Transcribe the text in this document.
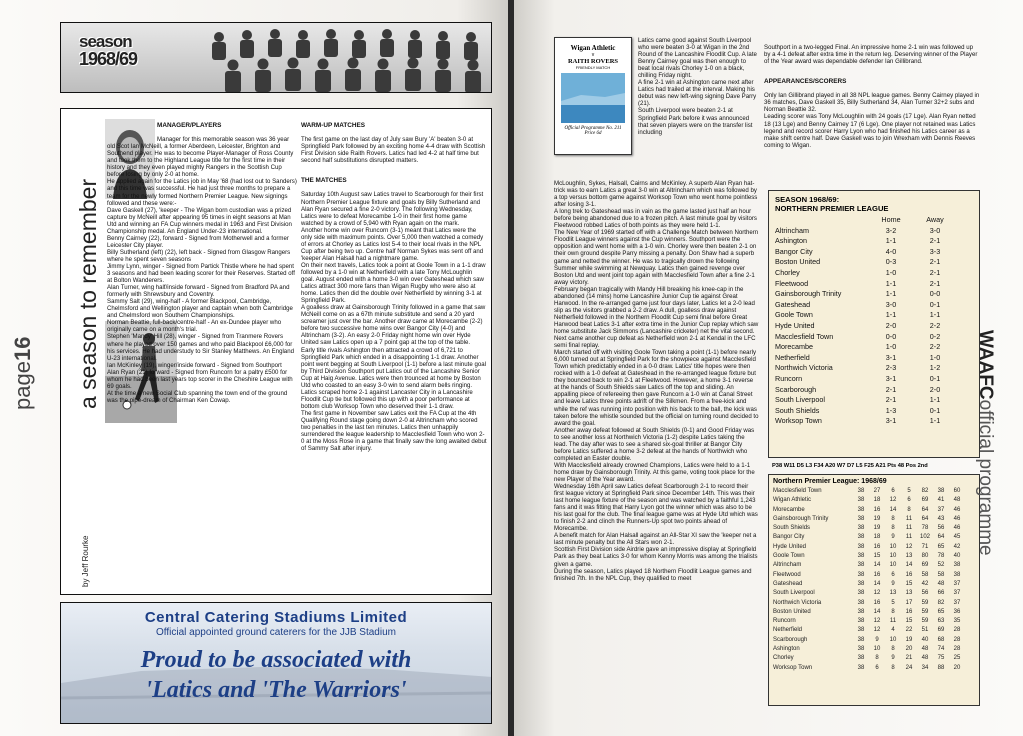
season
1968/69
page16 a season to remember
by Jeff Rourke

MANAGER/PLAYERS

Manager for this memorable season was 36 year old Scot Ian McNeill, a former Aberdeen, Leicester, Brighton and Southend player. He was to become Player-Manager of Ross County and took them to the Highland League title for the first time in their history and they even played mighty Rangers in the Scottish Cup before losing by only 2-0 at home.
He applied again for the Latics job in May '68 (had lost out to Sanders) and this time was successful. He had just three months to prepare a team for the newly formed Northern Premier League. New signings followed and these were:-
Dave Gaskell (27), 'keeper - The Wigan born custodian was a prized capture by McNeill after appearing 95 times in eight seasons at Man Utd and winning an FA Cup winners medal in 1963 and First Division Championship medal. An England Under-23 international.
Benny Cairney (22), forward - Signed from Motherwell and a former Leicester City player.
Billy Sutherland (left) (22), left back - Signed from Glasgow Rangers where he spent seven seasons
Jimmy Lynn, winger - Signed from Partick Thistle where he had spent 3 seasons and had been leading scorer for their Reserves. Started off at Bolton Wanderers.
Alan Turner, wing half/inside forward - Signed from Bradford PA and formerly with Shrewsbury and Coventry.
Sammy Salt (29), wing-half - A former Blackpool, Cambridge, Chelmsford and Wellington player and captain when both Cambridge and Chelmsford won Southern Championships.
Norman Beattie, full-back/centre-half - An ex-Dundee player who originally came on a month's trial.
Stephen 'Mandy' Hill (28), winger - Signed from Tranmere Rovers where he played over 150 games and who paid Blackpool £6,000 for his services. He had understudy to Sir Stanley Matthews. An England U-23 international.
Ian McKinley (19), winger/inside forward - Signed from Southport
Alan Ryan (21) forward - Signed from Runcorn for a paltry £500 for whom he had been last years top scorer in the Cheshire League with 69 goals.
At the time a new Social Club spanning the town end of the ground was the pipe-dream of Chairman Ken Cowap.

WARM-UP MATCHES

The first game on the last day of July saw Bury 'A' beaten 3-0 at Springfield Park followed by an exciting home 4-4 draw with Scottish First Division side Raith Rovers. Latics had led 4-2 at half time but second half substitutions disrupted matters.

THE MATCHES

Saturday 10th August saw Latics travel to Scarborough for their first Northern Premier League fixture and goals by Billy Sutherland and Alan Ryan secured a fine 2-0 victory. The following Wednesday, Latics were to defeat Morecambe 1-0 in their first home game watched by a crowd of 5,940 with Ryan again on the mark.
Another home win over Runcorn (3-1) meant that Latics were the only side with maximum points. Over 5,000 then watched a comedy of errors at Chorley as Latics lost 5-4 to their local rivals in the NPL Cup after being two up. Centre half Norman Sykes was sent off and 'keeper Alan Halsall had a nightmare game.
On their next travels, Latics took a point at Goole Town in a 1-1 draw followed by a 1-0 win at Netherfield with a late Tony McLoughlin goal. August ended with a home 3-0 win over Gateshead which saw Latics attract 300 more fans than Wigan Rugby who were also at home. Latics then did the double over Netherfield by winning 3-1 at Springfield Park.
A goalless draw at Gainsborough Trinity followed in a game that saw McNeill come on as a 67th minute substitute and send a 20 yard screamer just over the bar. Another draw came at Morecambe (2-2) before two successive home wins over Bangor City (4-0) and Altrincham (3-2). An easy 2-0 Friday night home win over Hyde United saw Latics open up a 7 point gap at the top of the table.
Early title rivals Ashington then attracted a crowd of 6,721 to Springfield Park which ended in a disappointing 1-1 draw. Another point went begging at South Liverpool (1-1) before a last minute goal by Third Division Southport put Latics out of the Lancashire Senior Cup at Haig Avenue. Latics were then trounced at home by Boston Utd who coasted to an easy 3-0 win to send alarm bells ringing. Latics scraped home 2-1 against Lancaster City in a Lancashire Floodlit Cup tie but followed this up with a poor performance at bottom club Worksop Town who deserved their 1-1 draw.
The first game in November saw Latics exit the FA Cup at the 4th Qualifying Round stage going down 2-0 at Altrincham who scored two penalties in the last ten minutes. Latics then unhappily surrendered the league leadership to Macclesfield Town who won 2-0 at the Moss Rose in a game that finally saw the long awaited debut of Sammy Salt after injury.

Central Catering Stadiums Limited
Official appointed ground caterers for the JJB Stadium
Proud to be associated with
'Latics and 'The Warriors'
Wigan Athletic
v
RAITH ROVERS
FRIENDLY MATCH
Official Programme No. 211
Price 6d
Latics came good against South Liverpool who were beaten 3-0 at Wigan in the 2nd Round of the Lancashire Floodlit Cup. A late Benny Cairney goal was then enough to beat local rivals Chorley 1-0 on a black, chilling Friday night.
A fine 2-1 win at Ashington came next after Latics had trailed at the interval. Making his debut was new left-wing signing Dave Parry (21).
South Liverpool were beaten 2-1 at Springfield Park before it was announced that seven players were on the transfer list including
McLoughlin, Sykes, Halsall, Cairns and McKinley. A superb Alan Ryan hat-trick was to earn Latics a great 3-0 win at Altrincham which was followed by a top versus bottom game against Worksop Town who went home pointless after losing 3-1.
A long trek to Gateshead was in vain as the game lasted just half an hour before being abandoned due to a frozen pitch. A last minute goal by visitors Fleetwood robbed Latics of both points as they were held 1-1.
The New Year of 1969 started off with a Challenge Match between Northern Floodlit League winners against the Cup winners. Southport were the opposition and went home with a 1-0 win. Chorley were then beaten 2-1 on their own ground despite Parry missing a penalty. Don Shaw had a superb game and netted the winner. He was to tragically drown the following Summer while swimming at Newquay. Latics then gained revenge over Boston Utd and went joint top again with Macclesfield Town after a fine 2-1 away victory.
February began tragically with Mandy Hill breaking his knee-cap in the abandoned (14 mins) home Lancashire Junior Cup tie against Great Harwood. In the re-arranged game just four days later, Latics let a 2-0 lead slip as the visitors grabbed a 2-2 draw. A dull, goalless draw against Netherfield followed in the Northern Floodlit Cup semi final before Great Harwood beat Latics 3-1 after extra time in the Junior Cup replay which saw home substitute Jack Simmons (Lancashire cricketer) net the vital second. Next came another cup defeat as Netherfield won 2-1 at Kendal in the LFC semi final replay.
March started off with visiting Goole Town taking a point (1-1) before nearly 6,000 turned out at Springfield Park for the showpiece against Macclesfield Town which predictably ended in a 0-0 draw. Latics' title hopes were then rocked with a 1-0 defeat at Gateshead in the re-arranged league fixture but they bounced back to win 2-1 at Fleetwood. However, a home 3-1 reverse at the hands of South Shields saw Latics off the top and sliding. An appalling piece of refereeing then gave Runcorn a 1-0 win at Canal Street and leave Latics three points adrift of the Silkmen. From a free-kick and while the ref was running into position with his back to the ball, the kick was taken before the whistle sounded but the official on turning round decided to award the goal.
Another away defeat followed at South Shields (0-1) and Good Friday was to see another loss at Northwich Victoria (1-2) despite Latics taking the lead. The day after was to see a shared six-goal thriller at Bangor City before Latics suffered a home 3-2 defeat at the hands of Northwich who completed an Easter double.
With Macclesfield already crowned Champions, Latics were held to a 1-1 home draw by Gainsborough Trinity. At this game, voting took place for the new Player of the Year award.
Wednesday 16th April saw Latics defeat Scarborough 2-1 to record their first league victory at Springfield Park since December 14th. This was their last home league fixture of the season and was watched by a faithful 1,243 fans and it was fitting that Harry Lyon got the winner which was also to be his last goal for the club. The final league game was at Hyde Utd which was to finish 2-2 and clinch the Runners-Up spot two points ahead of Morecambe.
A benefit match for Alan Halsall against an All-Star XI saw the 'keeper net a last minute penalty but the All Stars won 2-1.
Scottish First Division side Airdrie gave an impressive display at Springfield Park as they beat Latics 3-0 for whom Kenny Morris was among the trialists given a game.
During the season, Latics played 18 Northern Floodlit League games and finished 7th. In the NPL Cup, they qualified to meet

Southport in a two-legged Final. An impressive home 2-1 win was followed up by a 4-1 defeat after extra time in the return leg. Deserving winner of the Player of the Year award was dependable defender Ian Gillibrand.

APPEARANCES/SCORERS

Only Ian Gillibrand played in all 38 NPL league games. Benny Cairney played in 36 matches, Dave Gaskell 35, Billy Sutherland 34, Alan Turner 32+2 subs and Norman Beattie 32.
Leading scorer was Tony McLoughlin with 24 goals (17 Lge). Alan Ryan netted 18 (13 Lge) and Benny Cairney 17 (6 Lge). One player not retained was Latics legend and record scorer Harry Lyon who had finished his Latics career as a make shift centre half. Dave Gaskell was to join Wrexham with Dennis Reeves coming to Wigan.

SEASON 1968/69:
NORTHERN PREMIER LEAGUE
	Home	Away
Altrincham	3-2	3-0
Ashington	1-1	2-1
Bangor City	4-0	3-3
Boston United	0-3	2-1
Chorley	1-0	2-1
Fleetwood	1-1	2-1
Gainsborough Trinity	1-1	0-0
Gateshead	3-0	0-1
Goole Town	1-1	1-1
Hyde United	2-0	2-2
Macclesfield Town	0-0	0-2
Morecambe	1-0	2-2
Netherfield	3-1	1-0
Northwich Victoria	2-3	1-2
Runcorn	3-1	0-1
Scarborough	2-1	2-0
South Liverpool	2-1	1-1
South Shields	1-3	0-1
Worksop Town	3-1	1-1
P38 W11 D5 L3 F34 A20 W7 D7 L5 F25 A21 Pts 48 Pos 2nd
Northern Premier League: 1968/69
Macclesfield Town	38	27	6	5	82	38	60
Wigan Athletic	38	18	12	6	69	41	48
Morecambe	38	16	14	8	64	37	46
Gainsborough Trinity	38	19	8	11	64	43	46
South Shields	38	19	8	11	78	56	46
Bangor City	38	18	9	11	102	64	45
Hyde United	38	16	10	12	71	65	42
Goole Town	38	15	10	13	80	78	40
Altrincham	38	14	10	14	69	52	38
Fleetwood	38	16	6	16	58	58	38
Gateshead	38	14	9	15	42	48	37
South Liverpool	38	12	13	13	56	66	37
Northwich Victoria	38	16	5	17	59	82	37
Boston United	38	14	8	16	59	65	36
Runcorn	38	12	11	15	59	63	35
Netherfield	38	12	4	22	51	69	28
Scarborough	38	9	10	19	40	68	28
Ashington	38	10	8	20	48	74	28
Chorley	38	8	9	21	48	75	25
Worksop Town	38	6	8	24	34	88	20
WAAFCofficial programme
